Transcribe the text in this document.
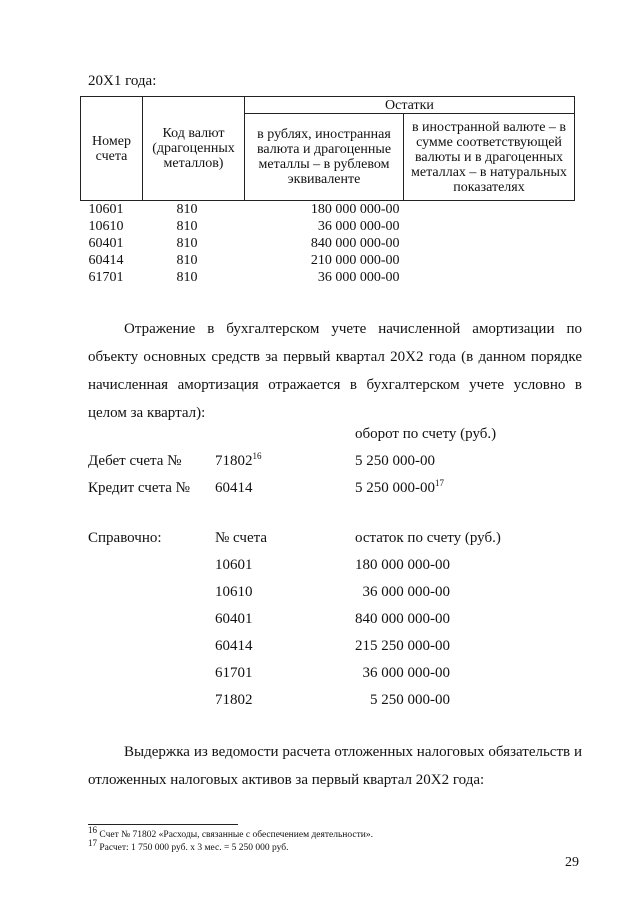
20X1 года:
Номер счета	Код валют (драгоценных металлов)	Остатки	
		в рублях, иностранная валюта и драгоценные металлы – в рублевом эквиваленте	в иностранной валюте – в сумме соответствующей валюты и в драгоценных металлах – в натуральных показателях
10601	810	180 000 000-00	
10610	810	36 000 000-00	
60401	810	840 000 000-00	
60414	810	210 000 000-00	
61701	810	36 000 000-00	
Отражение в бухгалтерском учете начисленной амортизации по объекту основных средств за первый квартал 20Х2 года (в данном порядке начисленная амортизация отражается в бухгалтерском учете условно в целом за квартал):
оборот по счету (руб.)
Дебет счета № 71802$^{16}$	5 250 000-00
Кредит счета № 60414	5 250 $000-00^{17}$
Справочно:	№ счета	остаток по счету (руб.)
10601	180 000 000-00
10610	36 000 000-00
60401	840 000 000-00
60414	215 250 000-00
61701	36 000 000-00
71802	5 250 000-00
Выдержка из ведомости расчета отложенных налоговых обязательств и отложенных налоговых активов за первый квартал 20Х2 года:
$^{16}$ Счет № 71802 «Расходы, связанные с обеспечением деятельности».
$^{17}$ Расчет: 1 750 000 руб. х 3 мес. = 5 250 000 руб.
29
